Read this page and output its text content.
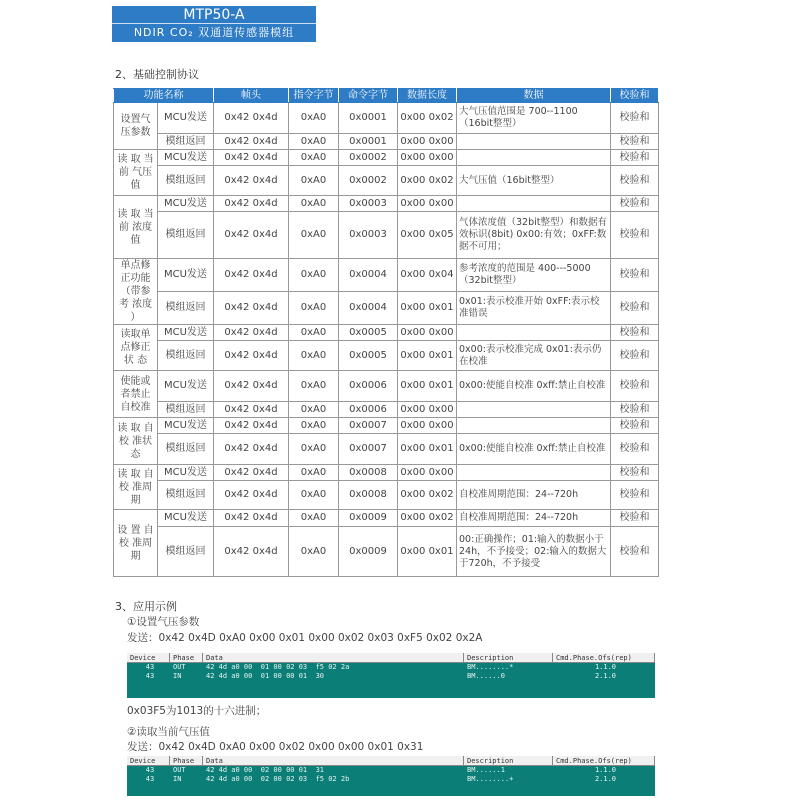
MTP50-A
NDIR CO₂ 双通道传感器模组
2、基础控制协议
功能名称		帧头	指令字节	命令字节	数据长度	数据	校验和
设置气压参数	MCU发送	0x42 0x4d	0xA0	0x0001	0x00 0x02	大气压值范围是 700--1100（16bit整型）	校验和
	模组返回	0x42 0x4d	0xA0	0x0001	0x00 0x00		校验和
读 取 当 前 气压值	MCU发送	0x42 0x4d	0xA0	0x0002	0x00 0x00		校验和
	模组返回	0x42 0x4d	0xA0	0x0002	0x00 0x02	大气压值（16bit整型）	校验和
读 取 当 前 浓度值	MCU发送	0x42 0x4d	0xA0	0x0003	0x00 0x00		校验和
	模组返回	0x42 0x4d	0xA0	0x0003	0x00 0x05	气体浓度值（32bit整型）和数据有效标识(8bit) 0x00:有效；0xFF:数据不可用；	校验和
单点修正功能（带参考 浓度 ）	MCU发送	0x42 0x4d	0xA0	0x0004	0x00 0x04	参考浓度的范围是 400---5000（32bit整型）	校验和
	模组返回	0x42 0x4d	0xA0	0x0004	0x00 0x01	0x01:表示校准开始 0xFF:表示校准错误	校验和
读取单点修正状 态	MCU发送	0x42 0x4d	0xA0	0x0005	0x00 0x00		校验和
	模组返回	0x42 0x4d	0xA0	0x0005	0x00 0x01	0x00:表示校准完成 0x01:表示仍在校准	校验和
使能或者禁止自校准	MCU发送	0x42 0x4d	0xA0	0x0006	0x00 0x01	0x00:使能自校准 0xff:禁止自校准	校验和
	模组返回	0x42 0x4d	0xA0	0x0006	0x00 0x00		校验和
读 取 自 校 准状态	MCU发送	0x42 0x4d	0xA0	0x0007	0x00 0x00		校验和
	模组返回	0x42 0x4d	0xA0	0x0007	0x00 0x01	0x00:使能自校准 0xff:禁止自校准	校验和
读 取 自 校 准周期	MCU发送	0x42 0x4d	0xA0	0x0008	0x00 0x00		校验和
	模组返回	0x42 0x4d	0xA0	0x0008	0x00 0x02	自校准周期范围：24--720h	校验和
设 置 自 校 准周期	MCU发送	0x42 0x4d	0xA0	0x0009	0x00 0x02	自校准周期范围：24--720h	校验和
	模组返回	0x42 0x4d	0xA0	0x0009	0x00 0x01	00:正确操作；01:输入的数据小于24h，不予接受；02:输入的数据大于720h，不予接受	校验和
3、应用示例
①设置气压参数
发送：0x42 0x4D 0xA0 0x00 0x01 0x00 0x02 0x03 0xF5 0x02 0x2A
Device	Phase	Data	Description	Cmd.Phase.Ofs(rep)
43	OUT	42 4d a0 00  01 00 02 03  f5 02 2a	BM........*	1.1.0
43	IN	42 4d a0 00  01 00 00 01  30	BM......0	2.1.0
0x03F5为1013的十六进制；
②读取当前气压值
发送：0x42 0x4D 0xA0 0x00 0x02 0x00 0x00 0x01 0x31
Device	Phase	Data	Description	Cmd.Phase.Ofs(rep)
43	OUT	42 4d a0 00  02 00 00 01  31	BM......1	1.1.0
43	IN	42 4d a0 00  02 00 02 03  f5 02 2b	BM........+	2.1.0
